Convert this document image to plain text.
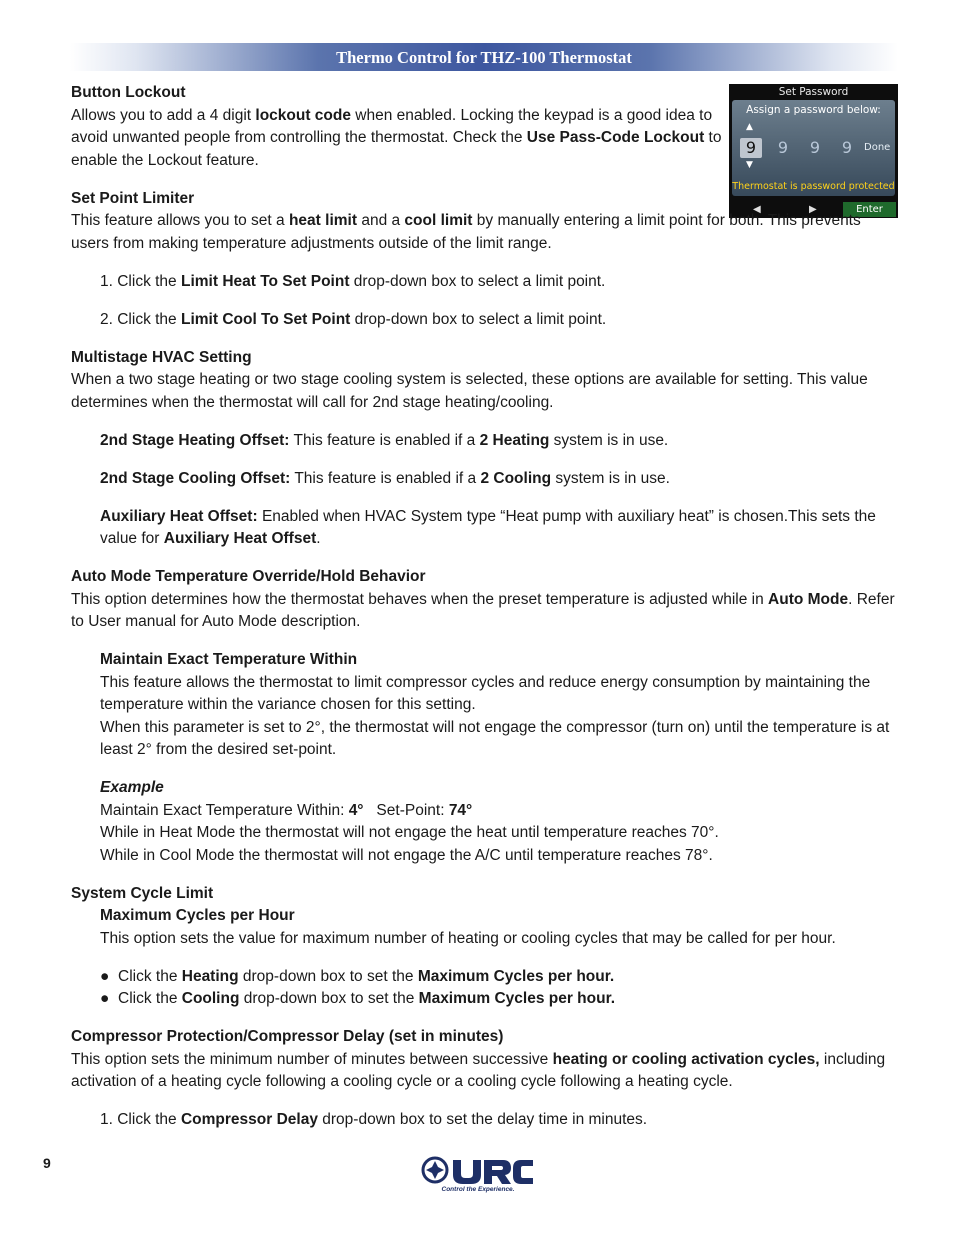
Thermo Control for THZ-100 Thermostat
Set Password
Assign a password below:
▲
9	9	9	9	Done
▼
Thermostat is password protected
◀	▶	Enter

Button Lockout

Allows you to add a 4 digit lockout code when enabled. Locking the keypad is a good idea to avoid unwanted people from controlling the thermostat. Check the Use Pass-Code Lockout to enable the Lockout feature.

Set Point Limiter

This feature allows you to set a heat limit and a cool limit by manually entering a limit point for both. This prevents users from making temperature adjustments outside of the limit range.

1. Click the Limit Heat To Set Point drop-down box to select a limit point.

2. Click the Limit Cool To Set Point drop-down box to select a limit point.

Multistage HVAC Setting

When a two stage heating or two stage cooling system is selected, these options are available for setting. This value determines when the thermostat will call for 2nd stage heating/cooling.

2nd Stage Heating Offset: This feature is enabled if a 2 Heating system is in use.

2nd Stage Cooling Offset: This feature is enabled if a 2 Cooling system is in use.

Auxiliary Heat Offset: Enabled when HVAC System type “Heat pump with auxiliary heat” is chosen.This sets the value for Auxiliary Heat Offset.

Auto Mode Temperature Override/Hold Behavior

This option determines how the thermostat behaves when the preset temperature is adjusted while in Auto Mode. Refer to User manual for Auto Mode description.

Maintain Exact Temperature Within

This feature allows the thermostat to limit compressor cycles and reduce energy consumption by maintaining the temperature within the variance chosen for this setting.

When this parameter is set to 2°, the thermostat will not engage the compressor (turn on) until the temperature is at least 2° from the desired set-point.

Example

Maintain Exact Temperature Within: 4°   Set-Point: 74°

While in Heat Mode the thermostat will not engage the heat until temperature reaches 70°.

While in Cool Mode the thermostat will not engage the A/C until temperature reaches 78°.

System Cycle Limit

Maximum Cycles per Hour

This option sets the value for maximum number of heating or cooling cycles that may be called for per hour.

● Click the Heating drop-down box to set the Maximum Cycles per hour.

● Click the Cooling drop-down box to set the Maximum Cycles per hour.

Compressor Protection/Compressor Delay (set in minutes)

This option sets the minimum number of minutes between successive heating or cooling activation cycles, including activation of a heating cycle following a cooling cycle or a cooling cycle following a heating cycle.

1. Click the Compressor Delay drop-down box to set the delay time in minutes.

9
Control the Experience.
